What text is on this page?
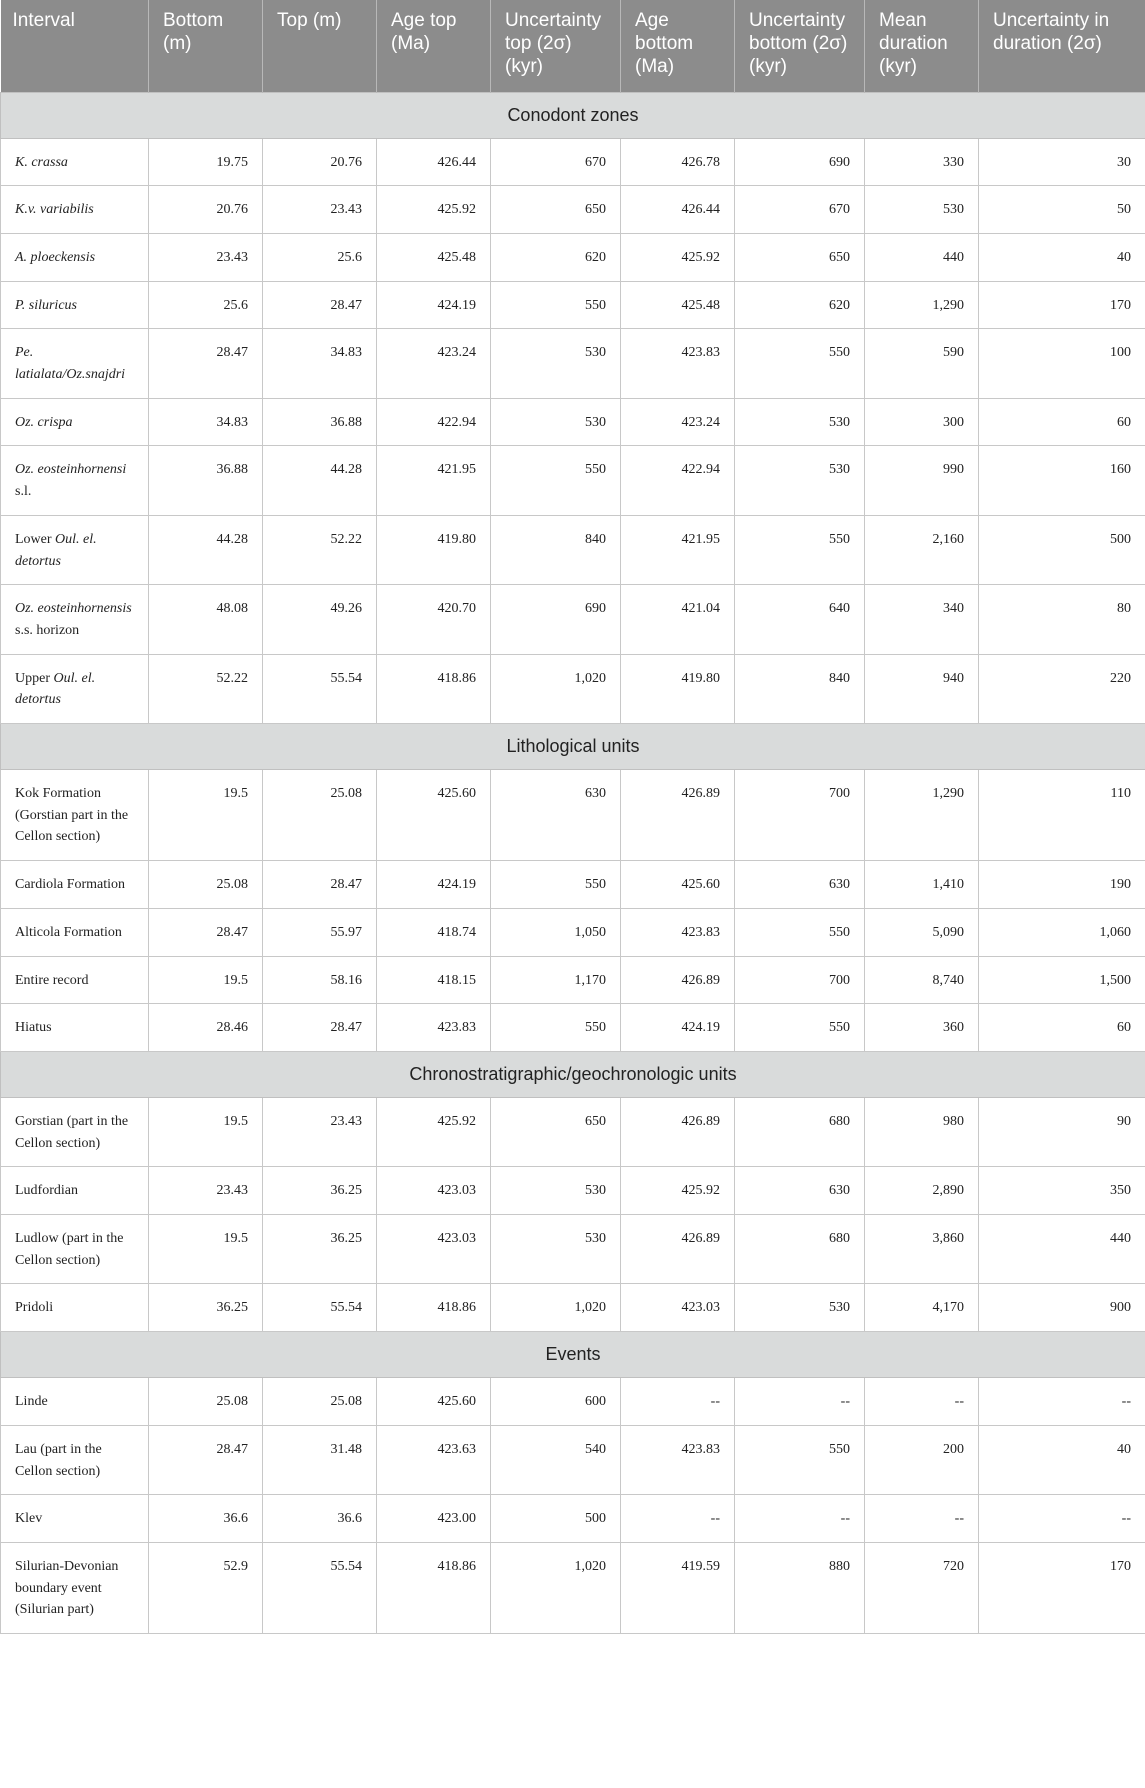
Interval	Bottom (m)	Top (m)	Age top (Ma)	Uncertainty top (2σ) (kyr)	Age bottom (Ma)	Uncertainty bottom (2σ) (kyr)	Mean duration (kyr)	Uncertainty in duration (2σ)
Conodont zones								
K. crassa	19.75	20.76	426.44	670	426.78	690	330	30
K.v. variabilis	20.76	23.43	425.92	650	426.44	670	530	50
A. ploeckensis	23.43	25.6	425.48	620	425.92	650	440	40
P. siluricus	25.6	28.47	424.19	550	425.48	620	1,290	170
Pe. latialata/Oz.snajdri	28.47	34.83	423.24	530	423.83	550	590	100
Oz. crispa	34.83	36.88	422.94	530	423.24	530	300	60
Oz. eosteinhornensi s.l.	36.88	44.28	421.95	550	422.94	530	990	160
Lower Oul. el. detortus	44.28	52.22	419.80	840	421.95	550	2,160	500
Oz. eosteinhornensis s.s. horizon	48.08	49.26	420.70	690	421.04	640	340	80
Upper Oul. el. detortus	52.22	55.54	418.86	1,020	419.80	840	940	220
Lithological units								
Kok Formation (Gorstian part in the Cellon section)	19.5	25.08	425.60	630	426.89	700	1,290	110
Cardiola Formation	25.08	28.47	424.19	550	425.60	630	1,410	190
Alticola Formation	28.47	55.97	418.74	1,050	423.83	550	5,090	1,060
Entire record	19.5	58.16	418.15	1,170	426.89	700	8,740	1,500
Hiatus	28.46	28.47	423.83	550	424.19	550	360	60
Chronostratigraphic/geochronologic units								
Gorstian (part in the Cellon section)	19.5	23.43	425.92	650	426.89	680	980	90
Ludfordian	23.43	36.25	423.03	530	425.92	630	2,890	350
Ludlow (part in the Cellon section)	19.5	36.25	423.03	530	426.89	680	3,860	440
Pridoli	36.25	55.54	418.86	1,020	423.03	530	4,170	900
Events								
Linde	25.08	25.08	425.60	600	--	--	--	--
Lau (part in the Cellon section)	28.47	31.48	423.63	540	423.83	550	200	40
Klev	36.6	36.6	423.00	500	--	--	--	--
Silurian-Devonian boundary event (Silurian part)	52.9	55.54	418.86	1,020	419.59	880	720	170
